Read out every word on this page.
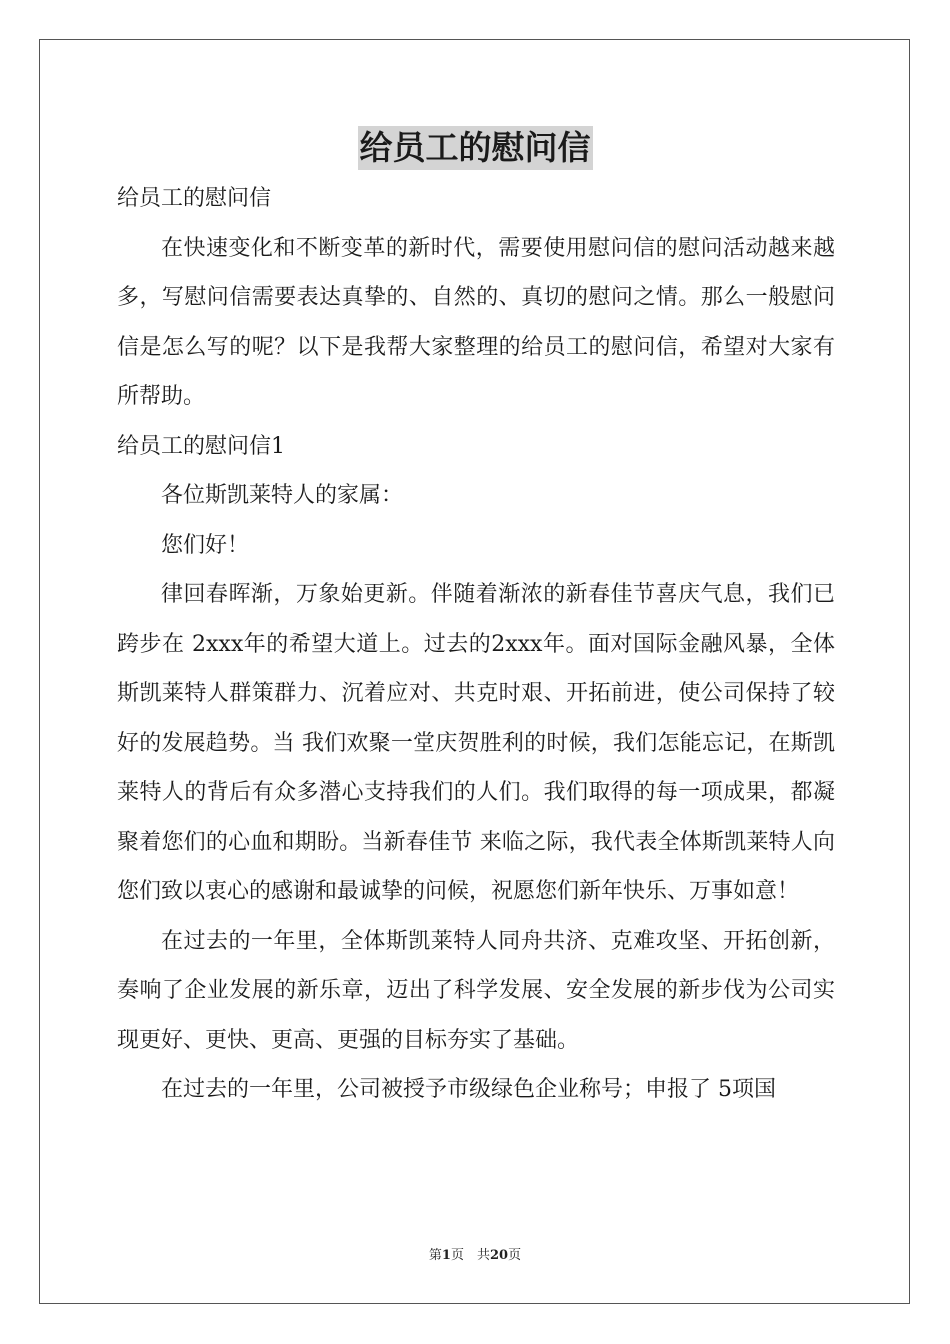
给员工的慰问信

给员工的慰问信

在快速变化和不断变革的新时代，需要使用慰问信的慰问活动越来越多，写慰问信需要表达真挚的、自然的、真切的慰问之情。那么一般慰问信是怎么写的呢？以下是我帮大家整理的给员工的慰问信，希望对大家有所帮助。

给员工的慰问信1

各位斯凯莱特人的家属：

您们好！

律回春晖渐，万象始更新。伴随着渐浓的新春佳节喜庆气息，我们已跨步在 2xxx年的希望大道上。过去的2xxx年。面对国际金融风暴，全体斯凯莱特人群策群力、沉着应对、共克时艰、开拓前进，使公司保持了较好的发展趋势。当 我们欢聚一堂庆贺胜利的时候，我们怎能忘记，在斯凯莱特人的背后有众多潜心支持我们的人们。我们取得的每一项成果，都凝聚着您们的心血和期盼。当新春佳节 来临之际，我代表全体斯凯莱特人向您们致以衷心的感谢和最诚挚的问候，祝愿您们新年快乐、万事如意！

在过去的一年里，全体斯凯莱特人同舟共济、克难攻坚、开拓创新，奏响了企业发展的新乐章，迈出了科学发展、安全发展的新步伐为公司实现更好、更快、更高、更强的目标夯实了基础。

在过去的一年里，公司被授予市级绿色企业称号；申报了 5项国

第1页　共20页
